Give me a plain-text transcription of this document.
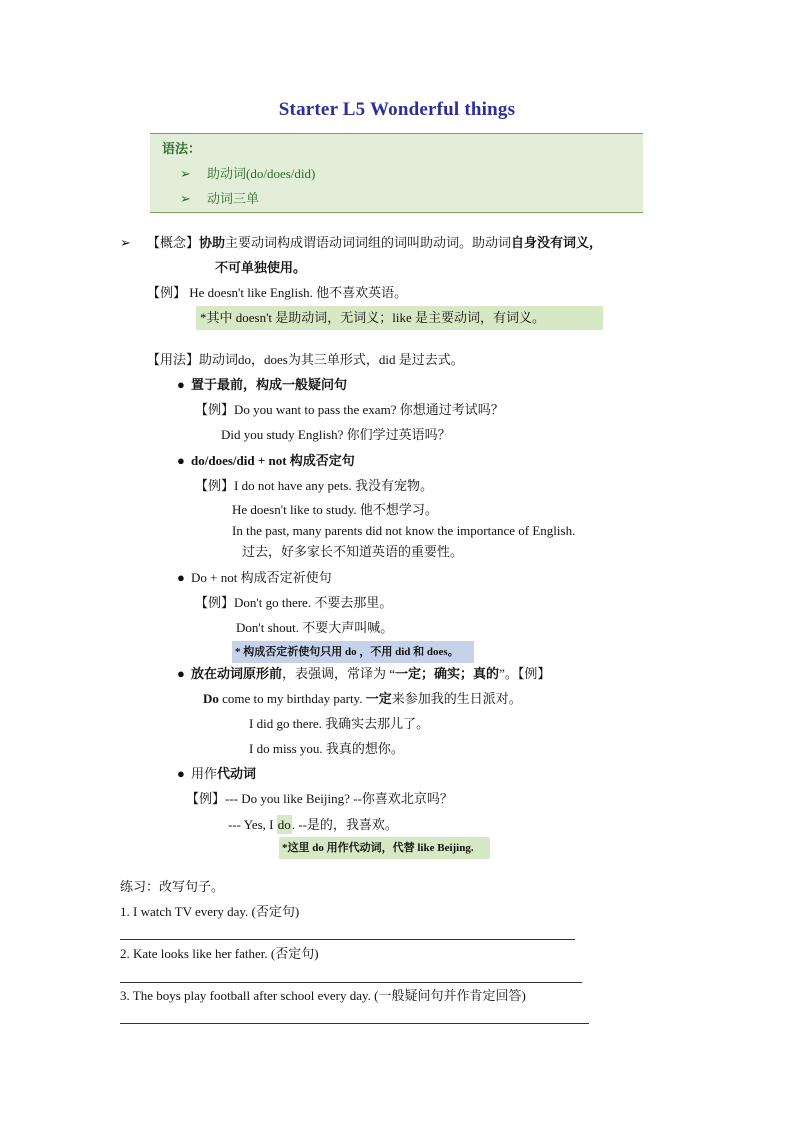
Starter L5 Wonderful things
语法：
➢ 助动词(do/does/did)
➢ 动词三单
➢ 【概念】协助主要动词构成谓语动词词组的词叫助动词。助动词自身没有词义，
不可单独使用。
【例】 He doesn't like English. 他不喜欢英语。
*其中 doesn't 是助动词，无词义；like 是主要动词，有词义。
【用法】助动词do，does为其三单形式，did 是过去式。
● 置于最前，构成一般疑问句
【例】Do you want to pass the exam? 你想通过考试吗？
Did you study English? 你们学过英语吗？
● do/does/did + not 构成否定句
【例】I do not have any pets. 我没有宠物。
He doesn't like to study. 他不想学习。
In the past, many parents did not know the importance of English.
过去，好多家长不知道英语的重要性。
● Do + not 构成否定祈使句
【例】Don't go there. 不要去那里。
Don't shout. 不要大声叫喊。
* 构成否定祈使句只用 do ，不用 did 和 does。
● 放在动词原形前，表强调，常译为 “一定；确实；真的”。【例】
Do come to my birthday party. 一定来参加我的生日派对。
I did go there. 我确实去那儿了。
I do miss you. 我真的想你。
● 用作代动词
【例】--- Do you like Beijing? --你喜欢北京吗？
--- Yes, I do. --是的，我喜欢。
*这里 do 用作代动词，代替 like Beijing.
练习：改写句子。
1. I watch TV every day. (否定句)
2. Kate looks like her father. (否定句)
3. The boys play football after school every day. (一般疑问句并作肯定回答)
